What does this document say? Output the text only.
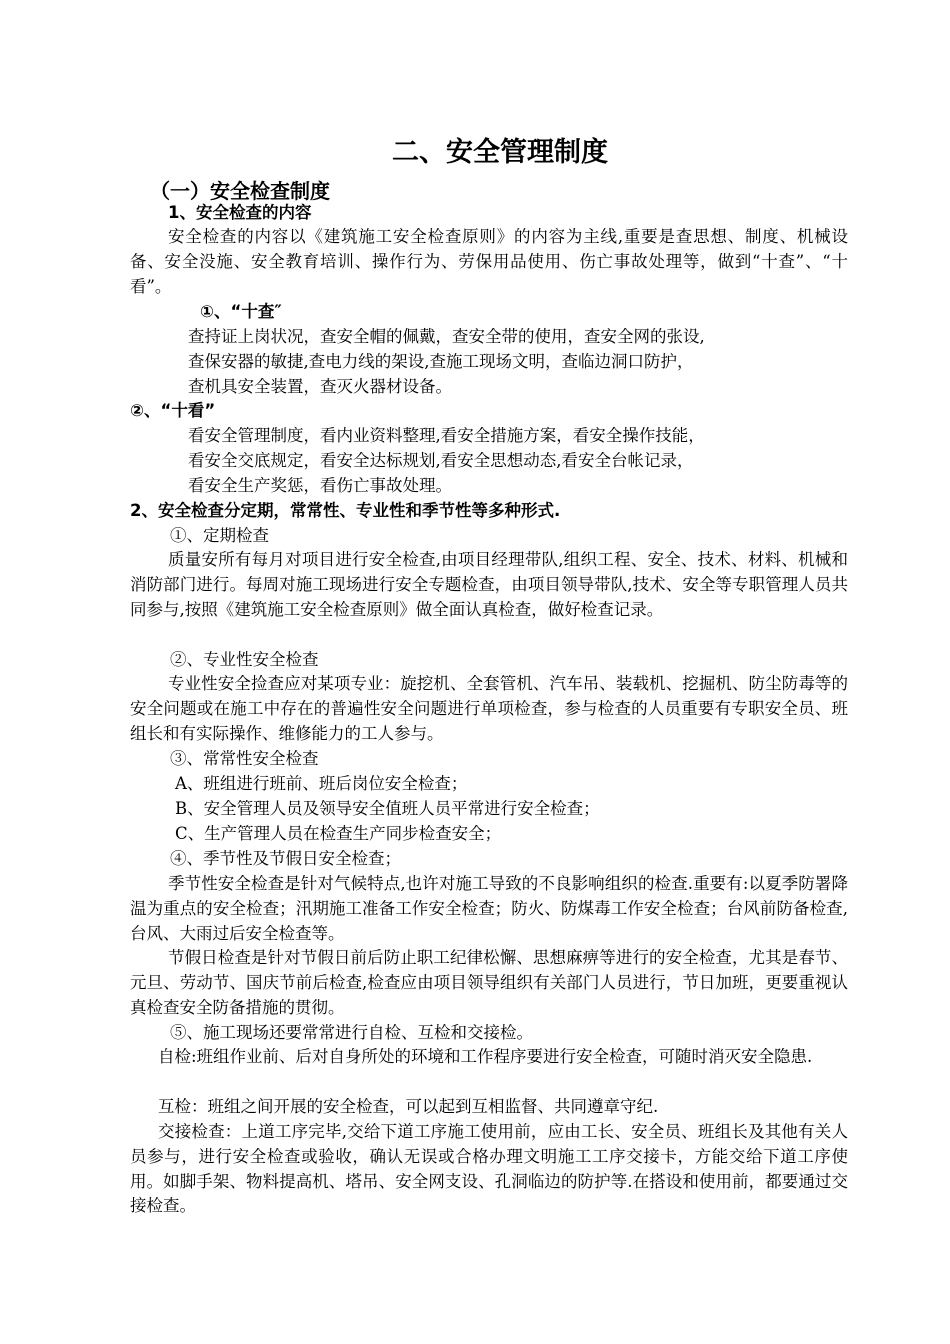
二、安全管理制度
（一）安全检查制度
1、安全检查的内容
安全检查的内容以《建筑施工安全检查原则》的内容为主线,重要是查思想、制度、机械设备、安全没施、安全教育培训、操作行为、劳保用品使用、伤亡事故处理等，做到“十查”、“十看”。
①、“十查″
查持证上岗状况，查安全帽的佩戴，查安全带的使用，查安全网的张设,
查保安器的敏捷,查电力线的架设,查施工现场文明，查临边洞口防护，
查机具安全装置，查灭火器材设备。
②、“十看”
看安全管理制度，看内业资料整理,看安全措施方案，看安全操作技能，
看安全交底规定，看安全达标规划,看安全思想动态,看安全台帐记录，
看安全生产奖惩，看伤亡事故处理。
2、安全检查分定期，常常性、专业性和季节性等多种形式.
①、定期检查
质量安所有每月对项目进行安全检查,由项目经理带队,组织工程、安全、技术、材料、机械和消防部门进行。每周对施工现场进行安全专题检查，由项目领导带队,技术、安全等专职管理人员共同参与,按照《建筑施工安全检查原则》做全面认真检查，做好检查记录。
②、专业性安全检查
专业性安全捡查应对某项专业：旋挖机、全套管机、汽车吊、装载机、挖掘机、防尘防毒等的安全问题或在施工中存在的普遍性安全问题进行单项检查，参与检查的人员重要有专职安全员、班组长和有实际操作、维修能力的工人参与。
③、常常性安全检查
A、班组进行班前、班后岗位安全检查；
B、安全管理人员及领导安全值班人员平常进行安全检查；
C、生产管理人员在检查生产同步检查安全；
④、季节性及节假日安全检查；
季节性安全检查是针对气候特点,也许对施工导致的不良影响组织的检查.重要有:以夏季防署降温为重点的安全检查；汛期施工准备工作安全检查；防火、防煤毒工作安全检查；台风前防备检查,台风、大雨过后安全检查等。
节假日检查是针对节假日前后防止职工纪律松懈、思想麻痹等进行的安全检查，尤其是春节、元旦、劳动节、国庆节前后检查,检查应由项目领导组织有关部门人员进行，节日加班，更要重视认真检查安全防备措施的贯彻。
⑤、施工现场还要常常进行自检、互检和交接检。
自检:班组作业前、后对自身所处的环境和工作程序要进行安全检查，可随时消灭安全隐患.
互检：班组之间开展的安全检查，可以起到互相监督、共同遵章守纪.
交接检查：上道工序完毕,交给下道工序施工使用前，应由工长、安全员、班组长及其他有关人员参与，进行安全检查或验收，确认无误或合格办理文明施工工序交接卡，方能交给下道工序使用。如脚手架、物料提高机、塔吊、安全网支设、孔洞临边的防护等.在搭设和使用前，都要通过交接检查。
